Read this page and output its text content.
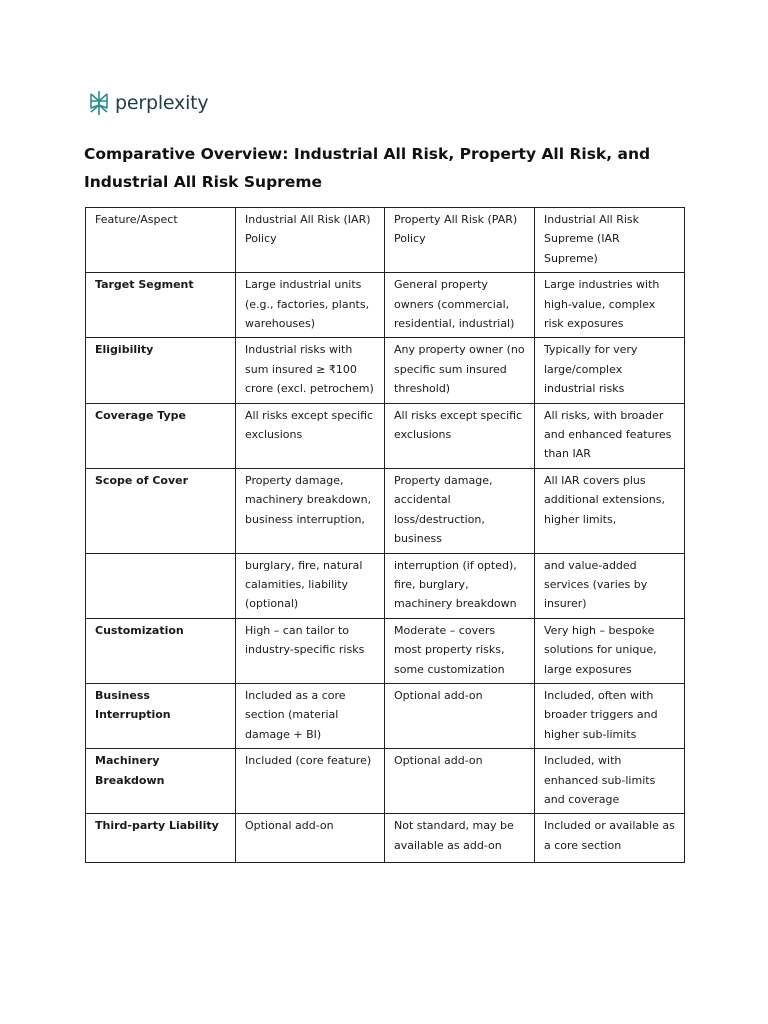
perplexity
Comparative Overview: Industrial All Risk, Property All Risk, and Industrial All Risk Supreme
Feature/Aspect	Industrial All Risk (IAR) Policy	Property All Risk (PAR) Policy	Industrial All Risk Supreme (IAR Supreme)
Target Segment	Large industrial units (e.g., factories, plants, warehouses)	General property owners (commercial, residential, industrial)	Large industries with high-value, complex risk exposures
Eligibility	Industrial risks with sum insured ≥ ₹100 crore (excl. petrochem)	Any property owner (no specific sum insured threshold)	Typically for very large/complex industrial risks
Coverage Type	All risks except specific exclusions	All risks except specific exclusions	All risks, with broader and enhanced features than IAR
Scope of Cover	Property damage, machinery breakdown, business interruption,	Property damage, accidental loss/destruction, business	All IAR covers plus additional extensions, higher limits,
	burglary, fire, natural calamities, liability (optional)	interruption (if opted), fire, burglary, machinery breakdown	and value-added services (varies by insurer)
Customization	High – can tailor to industry-specific risks	Moderate – covers most property risks, some customization	Very high – bespoke solutions for unique, large exposures
Business Interruption	Included as a core section (material damage + BI)	Optional add-on	Included, often with broader triggers and higher sub-limits
Machinery Breakdown	Included (core feature)	Optional add-on	Included, with enhanced sub-limits and coverage
Third-party Liability	Optional add-on	Not standard, may be available as add-on	Included or available as a core section
